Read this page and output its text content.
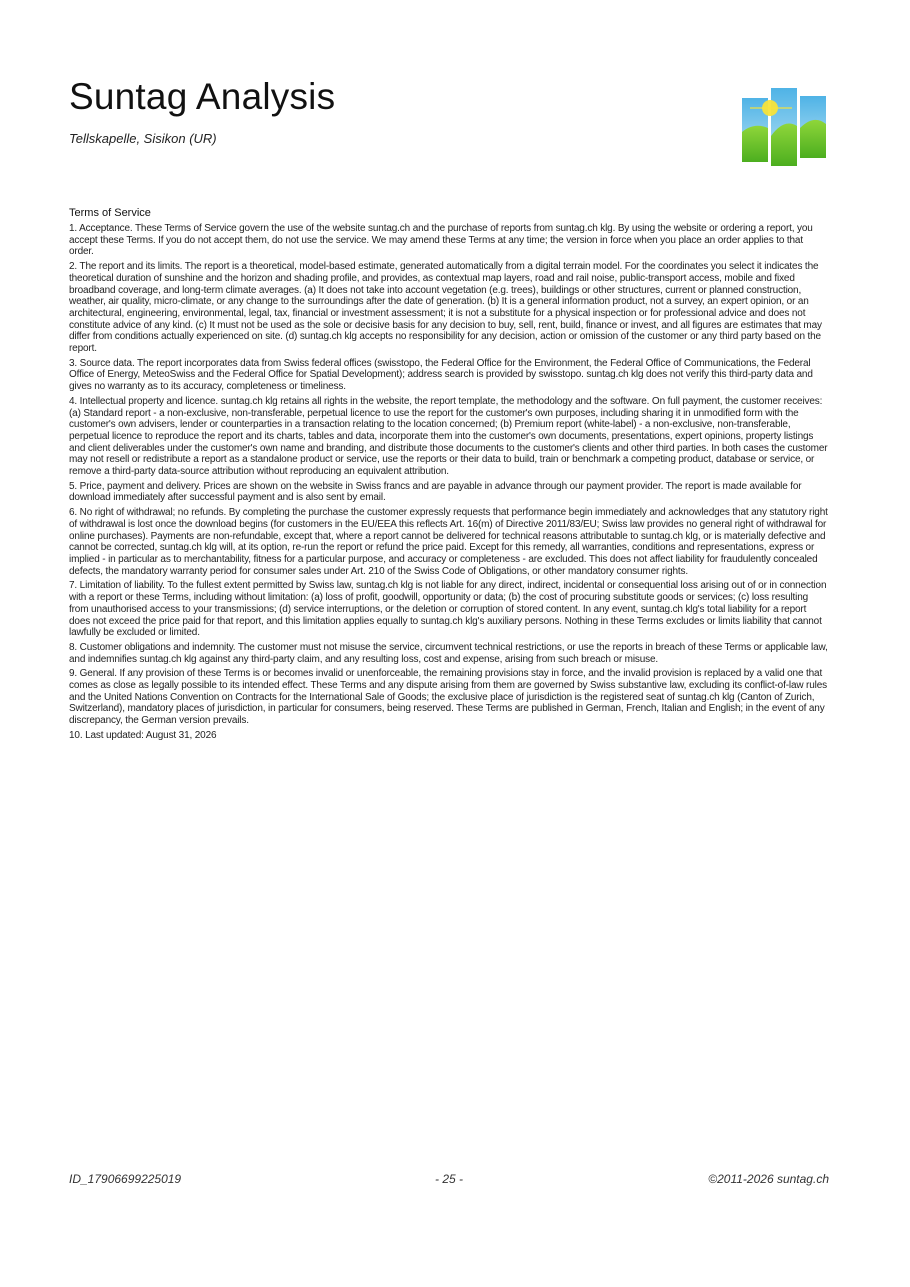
Suntag Analysis
Tellskapelle, Sisikon (UR)
Terms of Service
1. Acceptance. These Terms of Service govern the use of the website suntag.ch and the purchase of reports from suntag.ch klg. By using the website or ordering a report, you accept these Terms. If you do not accept them, do not use the service. We may amend these Terms at any time; the version in force when you place an order applies to that order.
2. The report and its limits. The report is a theoretical, model-based estimate, generated automatically from a digital terrain model. For the coordinates you select it indicates the theoretical duration of sunshine and the horizon and shading profile, and provides, as contextual map layers, road and rail noise, public-transport access, mobile and fixed broadband coverage, and long-term climate averages. (a) It does not take into account vegetation (e.g. trees), buildings or other structures, current or planned construction, weather, air quality, micro-climate, or any change to the surroundings after the date of generation. (b) It is a general information product, not a survey, an expert opinion, or an architectural, engineering, environmental, legal, tax, financial or investment assessment; it is not a substitute for a physical inspection or for professional advice and does not constitute advice of any kind. (c) It must not be used as the sole or decisive basis for any decision to buy, sell, rent, build, finance or invest, and all figures are estimates that may differ from conditions actually experienced on site. (d) suntag.ch klg accepts no responsibility for any decision, action or omission of the customer or any third party based on the report.
3. Source data. The report incorporates data from Swiss federal offices (swisstopo, the Federal Office for the Environment, the Federal Office of Communications, the Federal Office of Energy, MeteoSwiss and the Federal Office for Spatial Development); address search is provided by swisstopo. suntag.ch klg does not verify this third-party data and gives no warranty as to its accuracy, completeness or timeliness.
4. Intellectual property and licence. suntag.ch klg retains all rights in the website, the report template, the methodology and the software. On full payment, the customer receives: (a) Standard report - a non-exclusive, non-transferable, perpetual licence to use the report for the customer's own purposes, including sharing it in unmodified form with the customer's own advisers, lender or counterparties in a transaction relating to the location concerned; (b) Premium report (white-label) - a non-exclusive, non-transferable, perpetual licence to reproduce the report and its charts, tables and data, incorporate them into the customer's own documents, presentations, expert opinions, property listings and client deliverables under the customer's own name and branding, and distribute those documents to the customer's clients and other third parties. In both cases the customer may not resell or redistribute a report as a standalone product or service, use the reports or their data to build, train or benchmark a competing product, database or service, or remove a third-party data-source attribution without reproducing an equivalent attribution.
5. Price, payment and delivery. Prices are shown on the website in Swiss francs and are payable in advance through our payment provider. The report is made available for download immediately after successful payment and is also sent by email.
6. No right of withdrawal; no refunds. By completing the purchase the customer expressly requests that performance begin immediately and acknowledges that any statutory right of withdrawal is lost once the download begins (for customers in the EU/EEA this reflects Art. 16(m) of Directive 2011/83/EU; Swiss law provides no general right of withdrawal for online purchases). Payments are non-refundable, except that, where a report cannot be delivered for technical reasons attributable to suntag.ch klg, or is materially defective and cannot be corrected, suntag.ch klg will, at its option, re-run the report or refund the price paid. Except for this remedy, all warranties, conditions and representations, express or implied - in particular as to merchantability, fitness for a particular purpose, and accuracy or completeness - are excluded. This does not affect liability for fraudulently concealed defects, the mandatory warranty period for consumer sales under Art. 210 of the Swiss Code of Obligations, or other mandatory consumer rights.
7. Limitation of liability. To the fullest extent permitted by Swiss law, suntag.ch klg is not liable for any direct, indirect, incidental or consequential loss arising out of or in connection with a report or these Terms, including without limitation: (a) loss of profit, goodwill, opportunity or data; (b) the cost of procuring substitute goods or services; (c) loss resulting from unauthorised access to your transmissions; (d) service interruptions, or the deletion or corruption of stored content. In any event, suntag.ch klg's total liability for a report does not exceed the price paid for that report, and this limitation applies equally to suntag.ch klg's auxiliary persons. Nothing in these Terms excludes or limits liability that cannot lawfully be excluded or limited.
8. Customer obligations and indemnity. The customer must not misuse the service, circumvent technical restrictions, or use the reports in breach of these Terms or applicable law, and indemnifies suntag.ch klg against any third-party claim, and any resulting loss, cost and expense, arising from such breach or misuse.
9. General. If any provision of these Terms is or becomes invalid or unenforceable, the remaining provisions stay in force, and the invalid provision is replaced by a valid one that comes as close as legally possible to its intended effect. These Terms and any dispute arising from them are governed by Swiss substantive law, excluding its conflict-of-law rules and the United Nations Convention on Contracts for the International Sale of Goods; the exclusive place of jurisdiction is the registered seat of suntag.ch klg (Canton of Zurich, Switzerland), mandatory places of jurisdiction, in particular for consumers, being reserved. These Terms are published in German, French, Italian and English; in the event of any discrepancy, the German version prevails.
10. Last updated: August 31, 2026
ID_17906699225019	- 25 -	©2011-2026 suntag.ch
